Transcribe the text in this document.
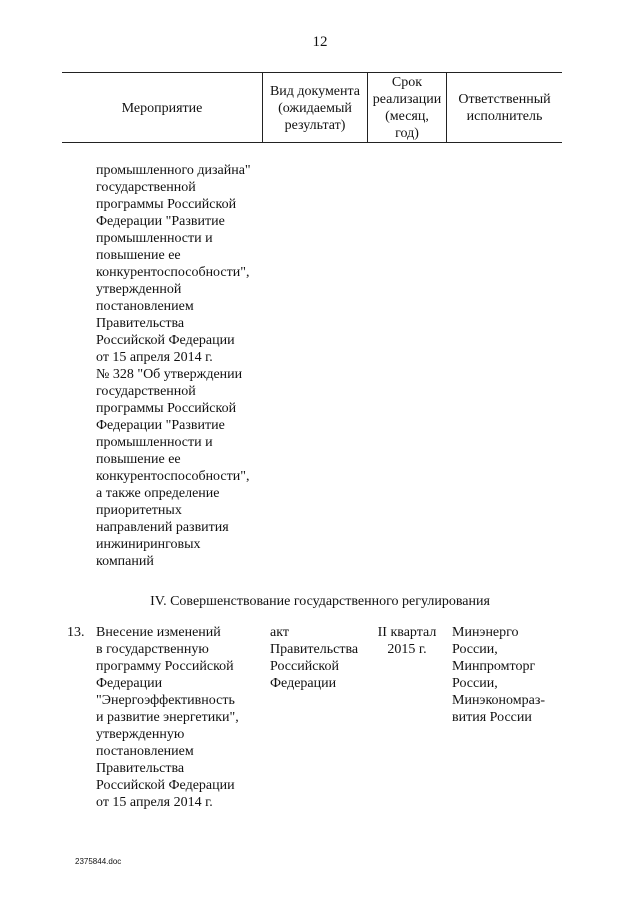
12
Мероприятие
Вид документа
(ожидаемый
результат)
Срок
реализации
(месяц,
год)
Ответственный
исполнитель
промышленного дизайна"
государственной
программы Российской
Федерации "Развитие
промышленности и
повышение ее
конкурентоспособности",
утвержденной
постановлением
Правительства
Российской Федерации
от 15 апреля 2014 г.
№ 328 "Об утверждении
государственной
программы Российской
Федерации "Развитие
промышленности и
повышение ее
конкурентоспособности",
а также определение
приоритетных
направлений развития
инжиниринговых
компаний
IV. Совершенствование государственного регулирования
13. Внесение изменений
в государственную
программу Российской
Федерации
"Энергоэффективность
и развитие энергетики",
утвержденную
постановлением
Правительства
Российской Федерации
от 15 апреля 2014 г.
акт
Правительства
Российской
Федерации
II квартал
2015 г.
Минэнерго
России,
Минпромторг
России,
Минэкономраз-
вития России
2375844.doc
